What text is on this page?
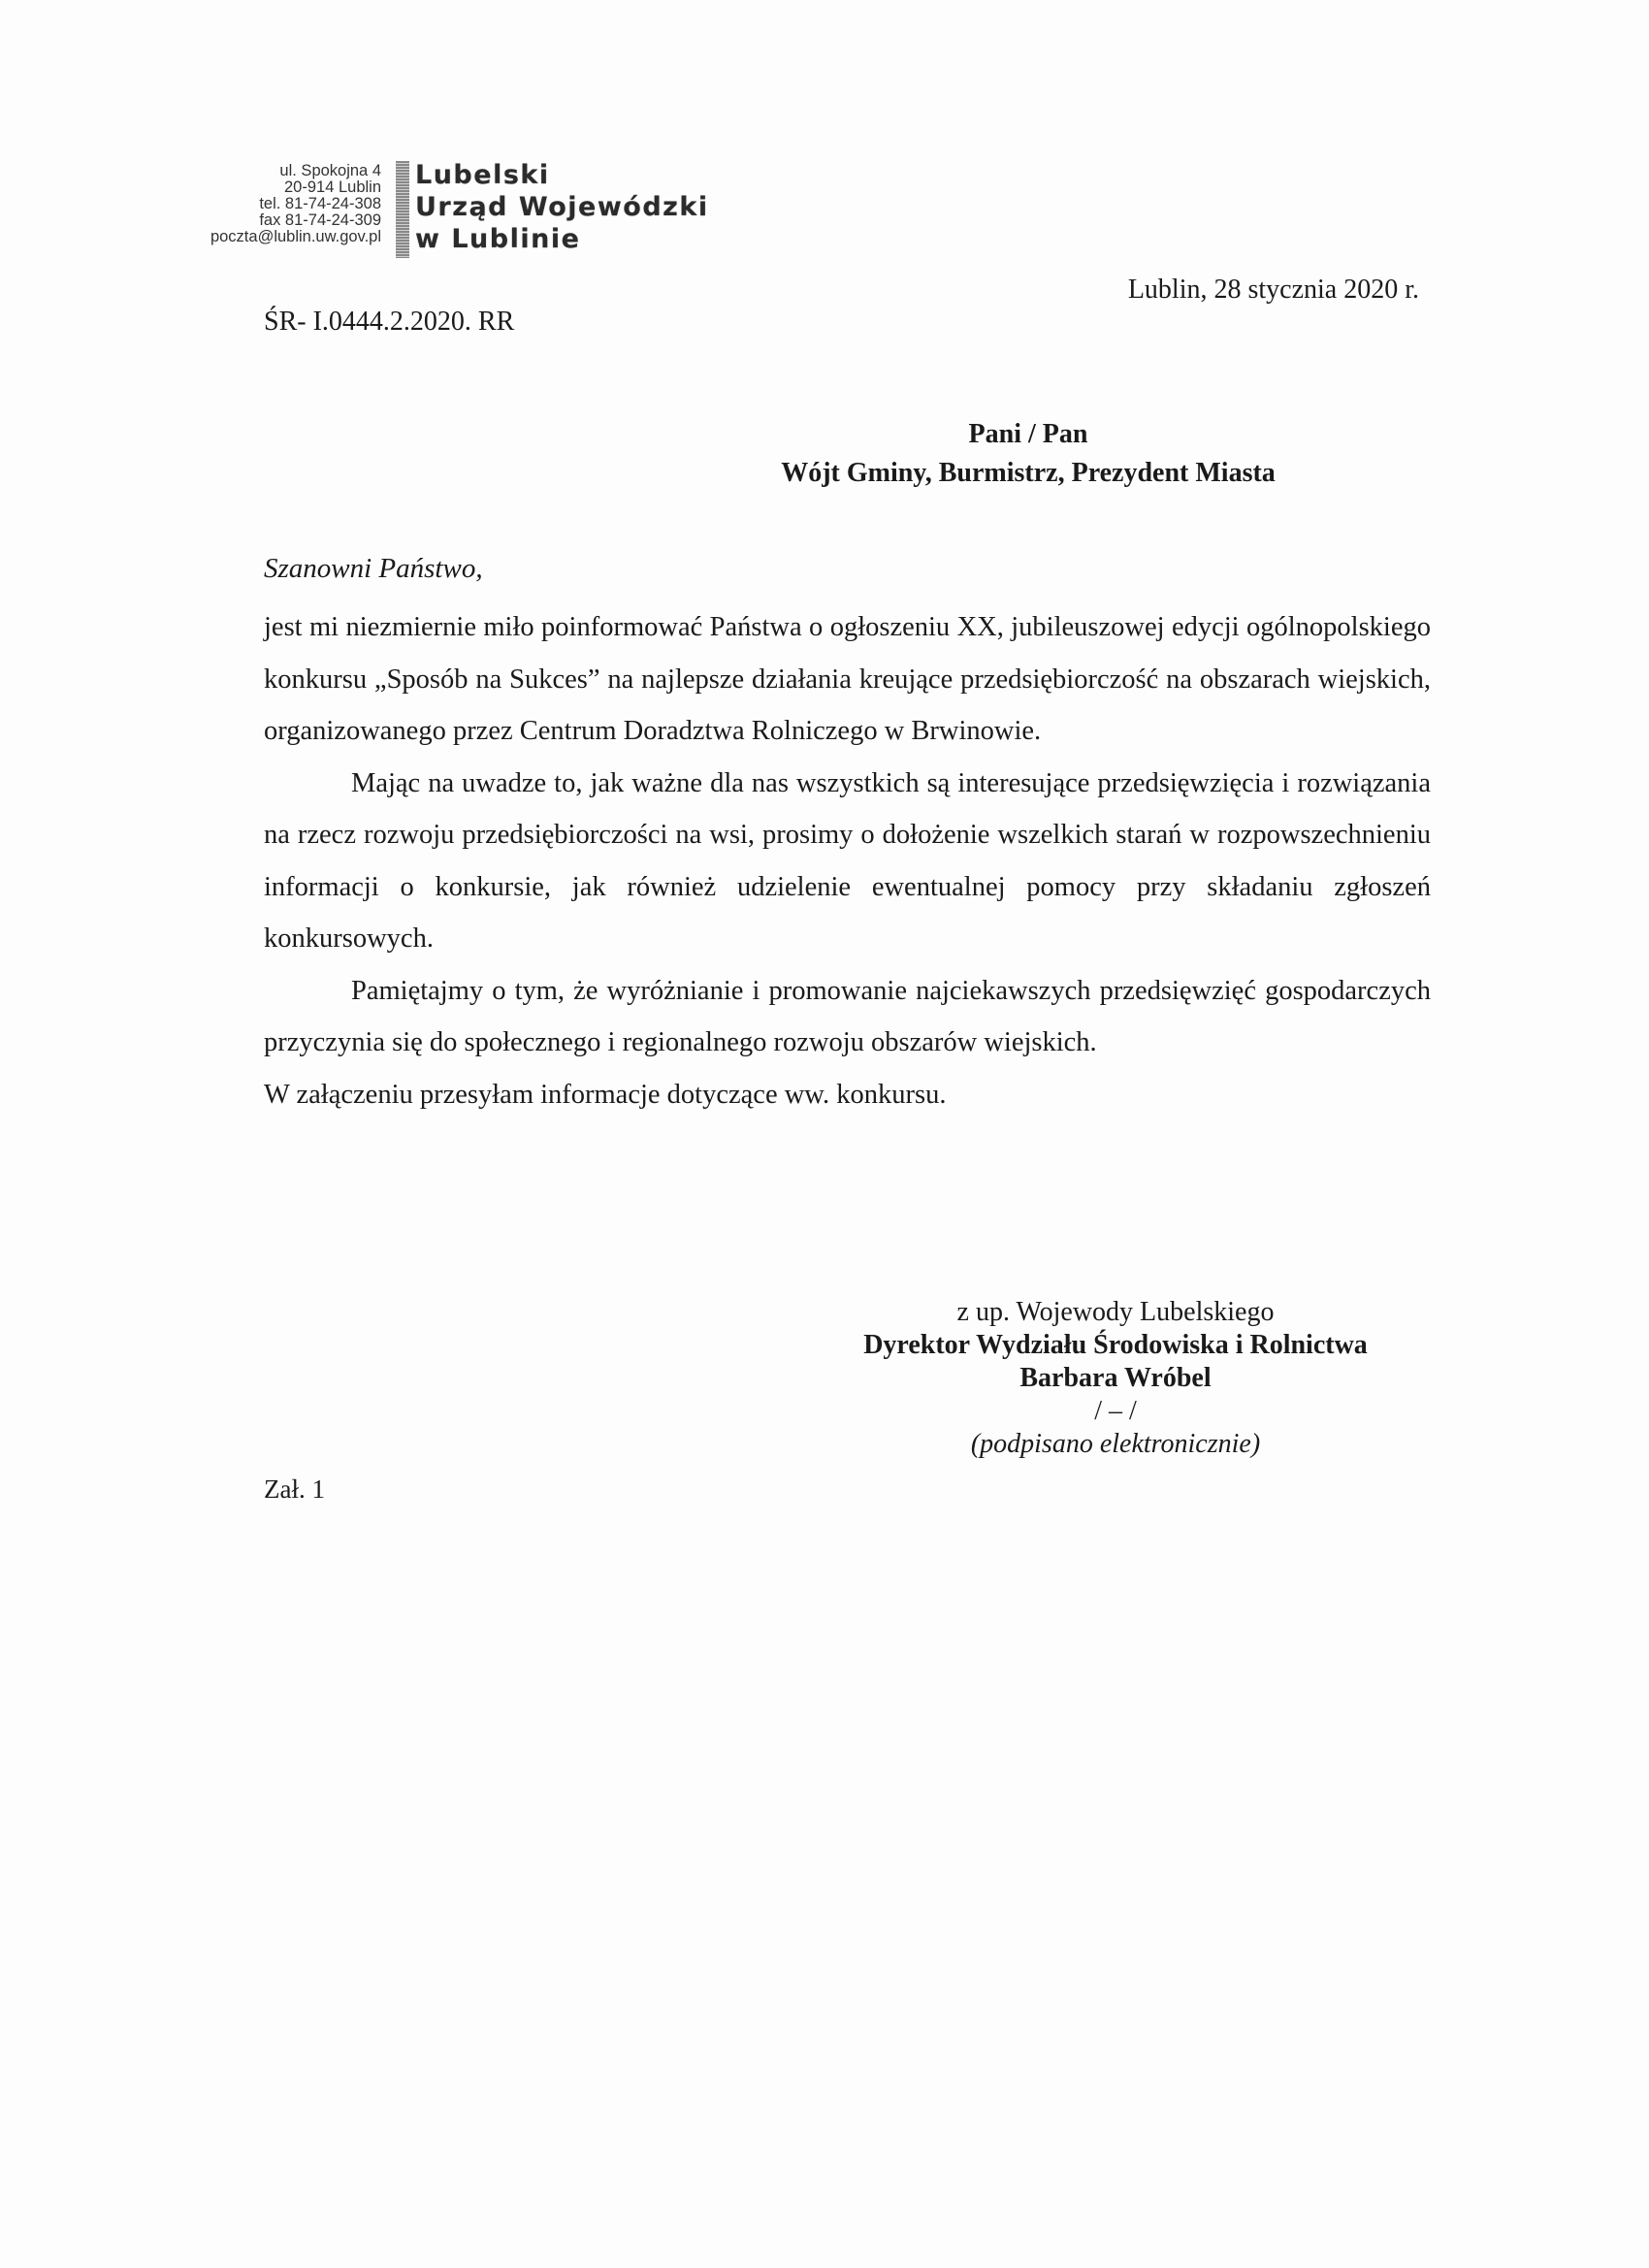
ul. Spokojna 4
20-914 Lublin
tel. 81-74-24-308
fax 81-74-24-309
poczta@lublin.uw.gov.pl
Lubelski
Urząd Wojewódzki
w Lublinie
Lublin, 28 stycznia 2020 r.
ŚR- I.0444.2.2020. RR
Pani / Pan
Wójt Gminy, Burmistrz, Prezydent Miasta
Szanowni Państwo,

jest mi niezmiernie miło poinformować Państwa o ogłoszeniu XX, jubileuszowej edycji ogólnopolskiego konkursu „Sposób na Sukces” na najlepsze działania kreujące przedsiębiorczość na obszarach wiejskich, organizowanego przez Centrum Doradztwa Rolniczego w Brwinowie.

Mając na uwadze to, jak ważne dla nas wszystkich są interesujące przedsięwzięcia i rozwiązania na rzecz rozwoju przedsiębiorczości na wsi, prosimy o dołożenie wszelkich starań w rozpowszechnieniu informacji o konkursie, jak również udzielenie ewentualnej pomocy przy składaniu zgłoszeń konkursowych.

Pamiętajmy o tym, że wyróżnianie i promowanie najciekawszych przedsięwzięć gospodarczych przyczynia się do społecznego i regionalnego rozwoju obszarów wiejskich.

W załączeniu przesyłam informacje dotyczące ww. konkursu.

z up. Wojewody Lubelskiego
Dyrektor Wydziału Środowiska i Rolnictwa
Barbara Wróbel
/ – /
(podpisano elektronicznie)
Zał. 1
